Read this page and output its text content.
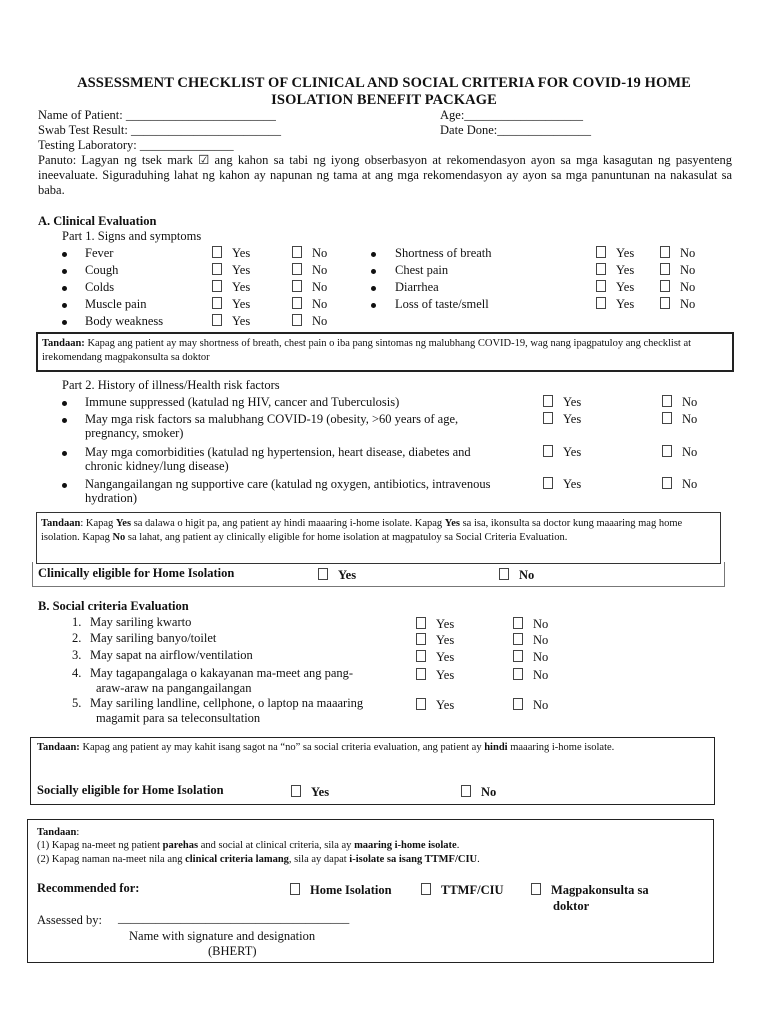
ASSESSMENT CHECKLIST OF CLINICAL AND SOCIAL CRITERIA FOR COVID-19 HOME
ISOLATION BENEFIT PACKAGE
Name of Patient: ________________________	Age:___________________
Swab Test Result: ________________________	Date Done:_______________
Testing Laboratory: _______________
Panuto: Lagyan ng tsek mark ☑ ang kahon sa tabi ng iyong obserbasyon at rekomendasyon ayon sa mga kasagutan ng pasyenteng ineevaluate. Siguraduhing lahat ng kahon ay napunan ng tama at ang mga rekomendasyon ay ayon sa mga panuntunan na nakasulat sa baba.
A. Clinical Evaluation
Part 1. Signs and symptoms
Fever	Yes	No
Cough	Yes	No
Colds	Yes	No
Muscle pain	Yes	No
Body weakness	Yes	No
Shortness of breath	Yes	No
Chest pain	Yes	No
Diarrhea	Yes	No
Loss of taste/smell	Yes	No
Tandaan: Kapag ang patient ay may shortness of breath, chest pain o iba pang sintomas ng malubhang COVID-19, wag nang ipagpatuloy ang checklist at irekomendang magpakonsulta sa doktor
Part 2. History of illness/Health risk factors
Immune suppressed (katulad ng HIV, cancer and Tuberculosis)	Yes	No
May mga risk factors sa malubhang COVID-19 (obesity, >60 years of age,
pregnancy, smoker)
Yes	No
May mga comorbidities (katulad ng hypertension, heart disease, diabetes and
chronic kidney/lung disease)
Yes	No
Nangangailangan ng supportive care (katulad ng oxygen, antibiotics, intravenous
hydration)
Yes	No
Tandaan: Kapag Yes sa dalawa o higit pa, ang patient ay hindi maaaring i-home isolate. Kapag Yes sa isa, ikonsulta sa doctor kung maaaring mag home isolation. Kapag No sa lahat, ang patient ay clinically eligible for home isolation at magpatuloy sa Social Criteria Evaluation.
Clinically eligible for Home Isolation	Yes	No
B. Social criteria Evaluation
1. May sariling kwarto	Yes	No
2. May sariling banyo/toilet	Yes	No
3. May sapat na airflow/ventilation	Yes	No
4. May tagapangalaga o kakayanan ma-meet ang pang-
araw-araw na pangangailangan
Yes	No
5. May sariling landline, cellphone, o laptop na maaaring
magamit para sa teleconsultation
Yes	No
Tandaan: Kapag ang patient ay may kahit isang sagot na “no” sa social criteria evaluation, ang patient ay hindi maaaring i-home isolate.
Socially eligible for Home Isolation	Yes	No
Tandaan:
(1) Kapag na-meet ng patient parehas and social at clinical criteria, sila ay maaring i-home isolate.
(2) Kapag naman na-meet nila ang clinical criteria lamang, sila ay dapat i-isolate sa isang TTMF/CIU.
Recommended for:	Home Isolation	TTMF/CIU	Magpakonsulta sa
doktor
Assessed by: _____________________________________
Name with signature and designation
(BHERT)
